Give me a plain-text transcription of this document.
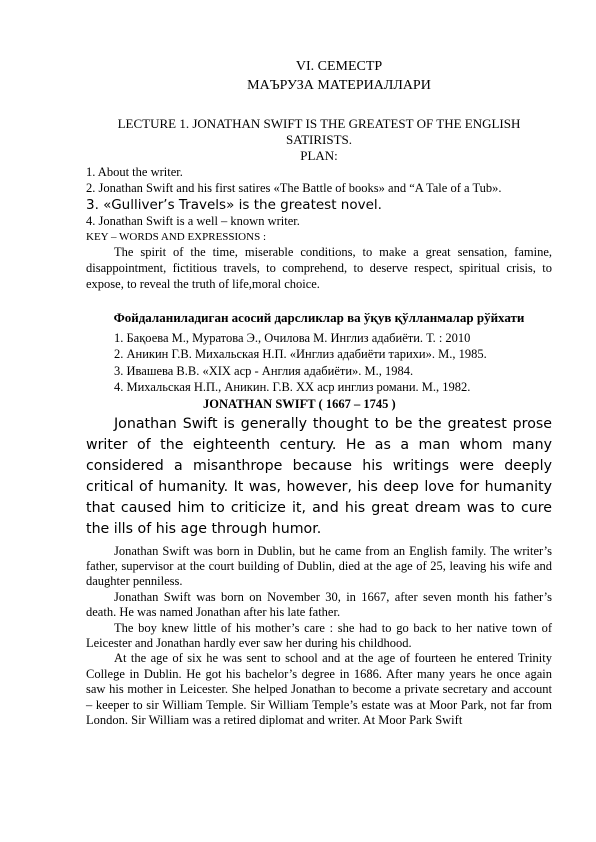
VI. СЕМЕСТР

МАЪРУЗА МАТЕРИАЛЛАРИ

LECTURE 1. JONATHAN SWIFT IS THE GREATEST OF THE ENGLISH SATIRISTS.

PLAN:

1. About the writer.

2. Jonathan Swift and his first satires «The Battle of books» and “A Tale of a Tub».

3. «Gulliver’s Travels» is the greatest novel.

4. Jonathan Swift is a well – known writer.

KEY – WORDS AND EXPRESSIONS :

The spirit of the time, miserable conditions, to make a great sensation, famine, disappointment, fictitious travels, to comprehend, to deserve respect, spiritual crisis, to expose, to reveal the truth of life,moral choice.

Фойдаланиладиган асосий дарсликлар ва ўқув қўлланмалар рўйхати

1. Бақоева М., Муратова Э., Очилова М. Инглиз адабиёти. Т. : 2010
2. Аникин Г.В. Михальская Н.П. «Инглиз адабиёти тарихи». М., 1985.
3. Ивашева В.В. «XIX аср - Англия адабиёти». М., 1984.
4. Михальская Н.П., Аникин. Г.В. XX аср инглиз романи. М., 1982.

JONATHAN SWIFT ( 1667 – 1745 )

Jonathan Swift is generally thought to be the greatest prose writer of the eighteenth century. He as a man whom many considered a misanthrope because his writings were deeply critical of humanity. It was, however, his deep love for humanity that caused him to criticize it, and his great dream was to cure the ills of his age through humor.

Jonathan Swift was born in Dublin, but he came from an English family. The writer’s father, supervisor at the court building of Dublin, died at the age of 25, leaving his wife and daughter penniless.

Jonathan Swift was born on November 30, in 1667, after seven month his father’s death. He was named Jonathan after his late father.

The boy knew little of his mother’s care : she had to go back to her native town of Leicester and Jonathan hardly ever saw her during his childhood.

At the age of six he was sent to school and at the age of fourteen he entered Trinity College in Dublin. He got his bachelor’s degree in 1686. After many years he once again saw his mother in Leicester. She helped Jonathan to become a private secretary and account – keeper to sir William Temple. Sir William Temple’s estate was at Moor Park, not far from London. Sir William was a retired diplomat and writer. At Moor Park Swift
